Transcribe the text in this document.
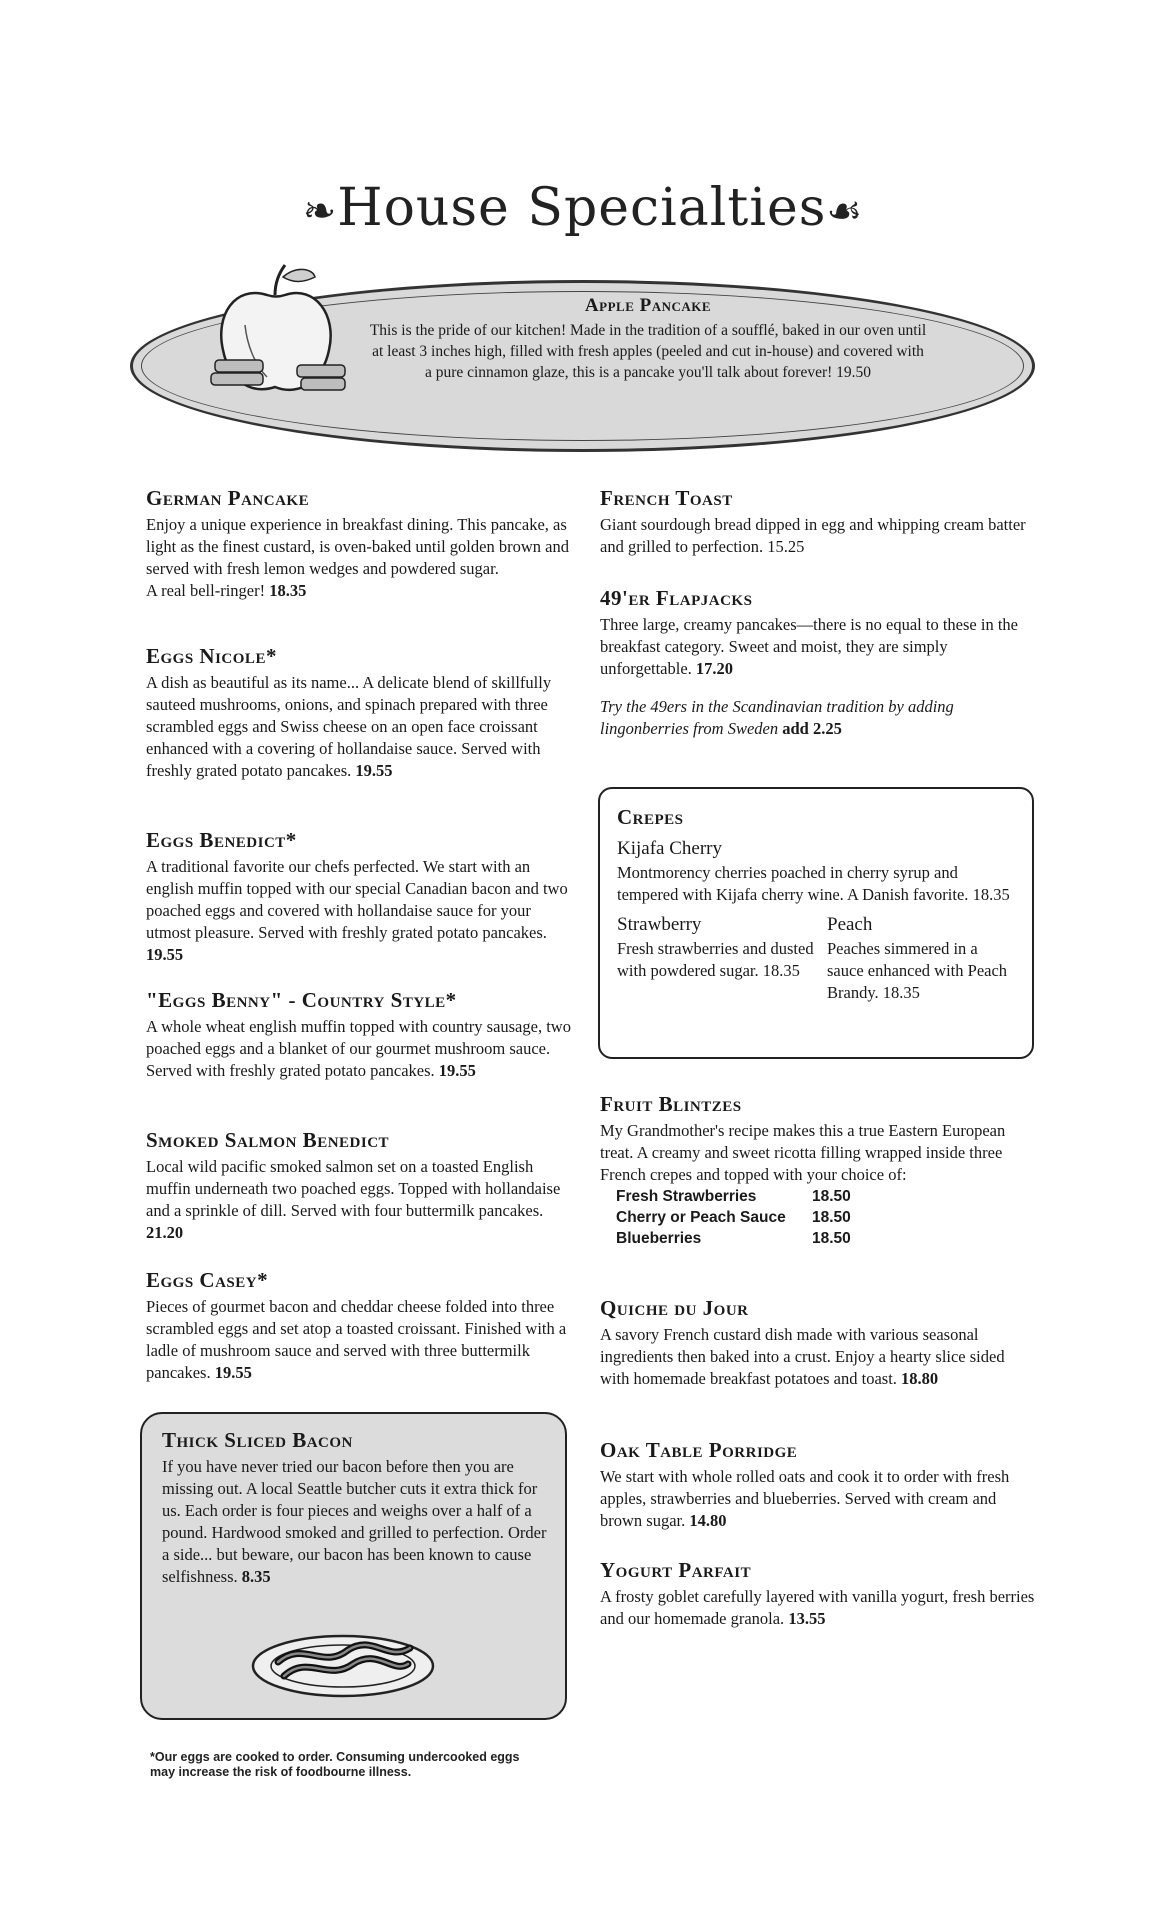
❧House Specialties☙
Apple Pancake

This is the pride of our kitchen! Made in the tradition of a soufflé, baked in our oven until at least 3 inches high, filled with fresh apples (peeled and cut in-house) and covered with a pure cinnamon glaze, this is a pancake you'll talk about forever! 19.50

German Pancake

Enjoy a unique experience in breakfast dining. This pancake, as light as the finest custard, is oven-baked until golden brown and served with fresh lemon wedges and powdered sugar.

A real bell-ringer! 18.35

Eggs Nicole*

A dish as beautiful as its name... A delicate blend of skillfully sauteed mushrooms, onions, and spinach prepared with three scrambled eggs and Swiss cheese on an open face croissant enhanced with a covering of hollandaise sauce. Served with freshly grated potato pancakes. 19.55

Eggs Benedict*

A traditional favorite our chefs perfected. We start with an english muffin topped with our special Canadian bacon and two poached eggs and covered with hollandaise sauce for your utmost pleasure. Served with freshly grated potato pancakes. 19.55

"Eggs Benny" - Country Style*

A whole wheat english muffin topped with country sausage, two poached eggs and a blanket of our gourmet mushroom sauce. Served with freshly grated potato pancakes. 19.55

Smoked Salmon Benedict

Local wild pacific smoked salmon set on a toasted English muffin underneath two poached eggs. Topped with hollandaise and a sprinkle of dill. Served with four buttermilk pancakes. 21.20

Eggs Casey*

Pieces of gourmet bacon and cheddar cheese folded into three scrambled eggs and set atop a toasted croissant. Finished with a ladle of mushroom sauce and served with three buttermilk pancakes. 19.55

Thick Sliced Bacon

If you have never tried our bacon before then you are missing out. A local Seattle butcher cuts it extra thick for us. Each order is four pieces and weighs over a half of a pound. Hardwood smoked and grilled to perfection. Order a side... but beware, our bacon has been known to cause selfishness. 8.35

*Our eggs are cooked to order. Consuming undercooked eggs may increase the risk of foodbourne illness.
French Toast

Giant sourdough bread dipped in egg and whipping cream batter and grilled to perfection. 15.25

49'er Flapjacks

Three large, creamy pancakes—there is no equal to these in the breakfast category. Sweet and moist, they are simply unforgettable. 17.20

Try the 49ers in the Scandinavian tradition by adding lingonberries from Sweden add 2.25

Crepes
Kijafa Cherry

Montmorency cherries poached in cherry syrup and tempered with Kijafa cherry wine. A Danish favorite. 18.35

Strawberry

Fresh strawberries and dusted with powdered sugar. 18.35

Peach

Peaches simmered in a sauce enhanced with Peach Brandy. 18.35

Fruit Blintzes

My Grandmother's recipe makes this a true Eastern European treat. A creamy and sweet ricotta filling wrapped inside three French crepes and topped with your choice of:

Fresh Strawberries	18.50
Cherry or Peach Sauce	18.50
Blueberries	18.50
Quiche du Jour

A savory French custard dish made with various seasonal ingredients then baked into a crust. Enjoy a hearty slice sided with homemade breakfast potatoes and toast. 18.80

Oak Table Porridge

We start with whole rolled oats and cook it to order with fresh apples, strawberries and blueberries. Served with cream and brown sugar. 14.80

Yogurt Parfait

A frosty goblet carefully layered with vanilla yogurt, fresh berries and our homemade granola. 13.55
